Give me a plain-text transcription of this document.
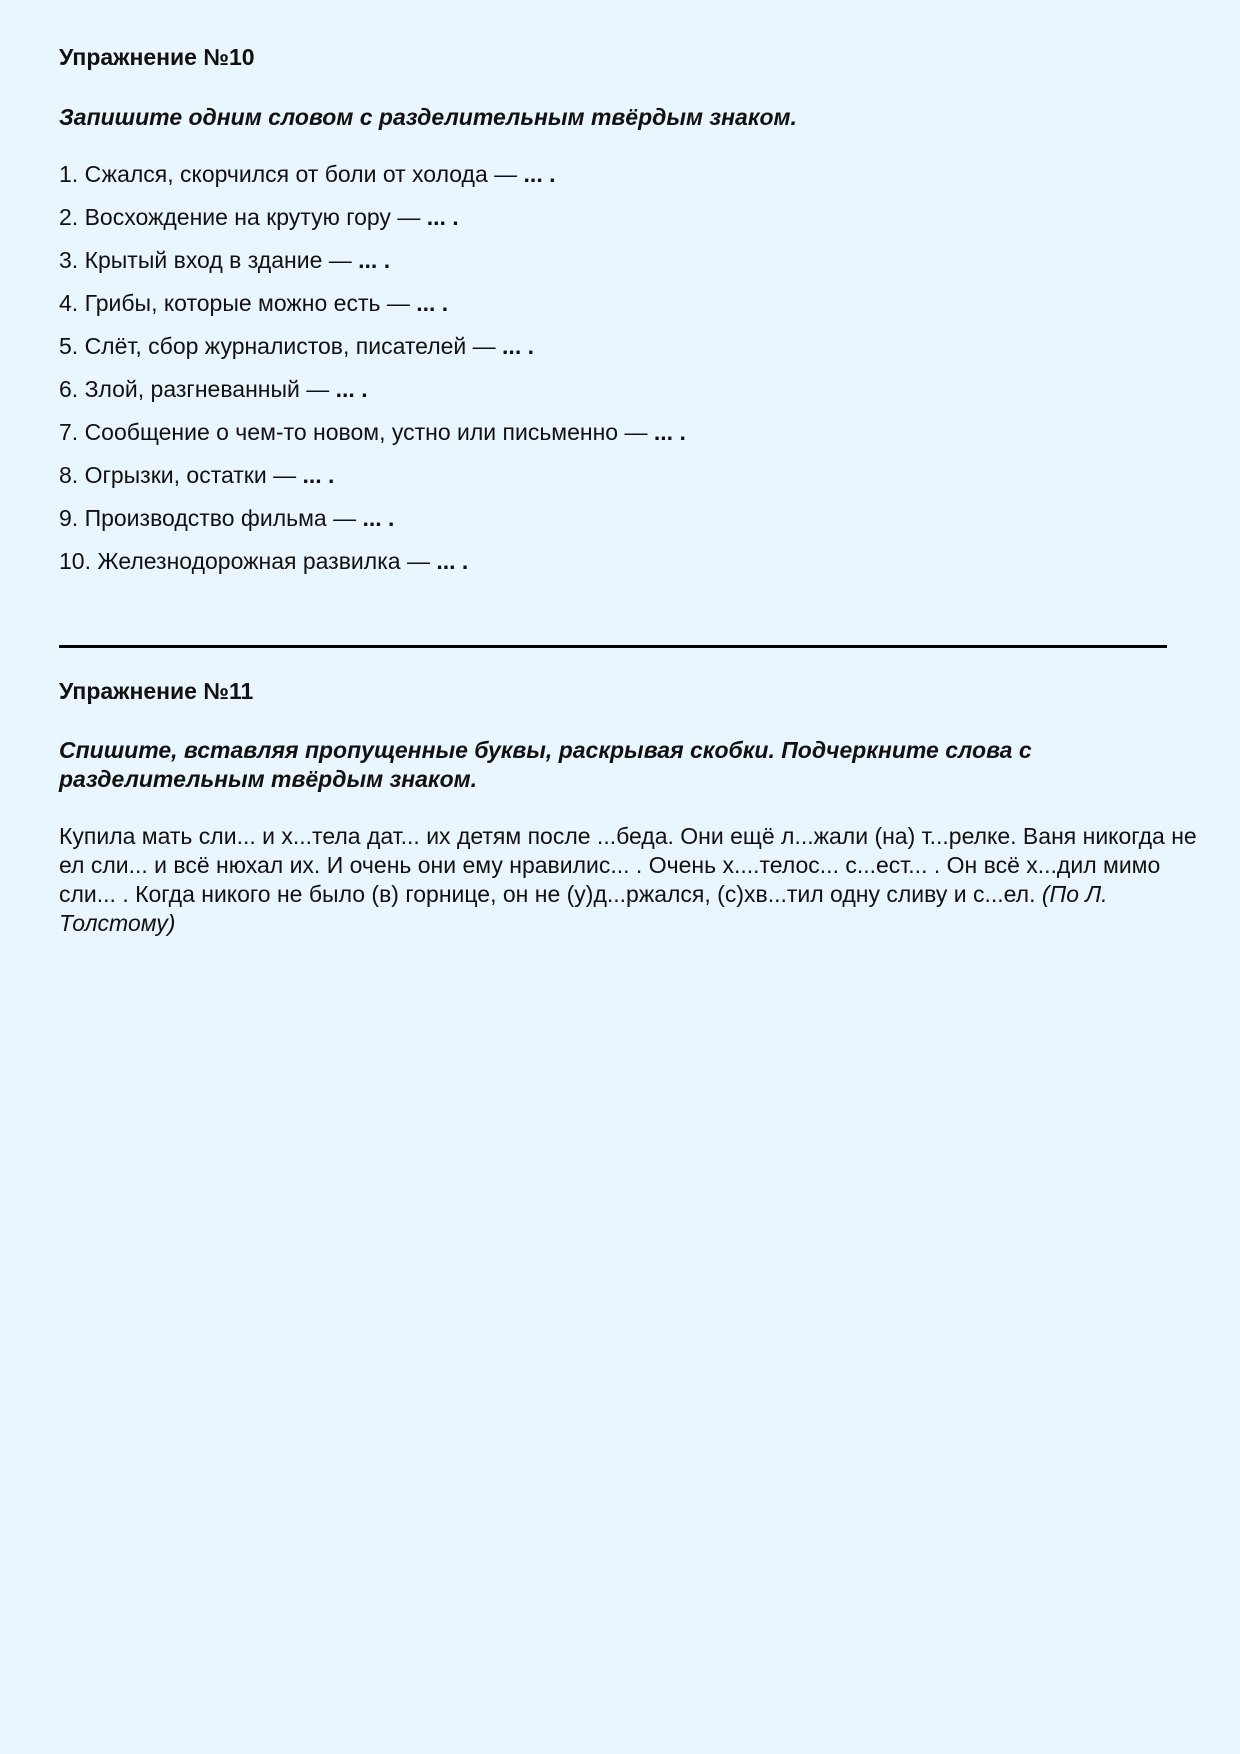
Упражнение №10

Запишите одним словом с разделительным твёрдым знаком.

1. Сжался, скорчился от боли от холода — ... .
2. Восхождение на крутую гору — ... .
3. Крытый вход в здание — ... .
4. Грибы, которые можно есть — ... .
5. Слёт, сбор журналистов, писателей — ... .
6. Злой, разгневанный — ... .
7. Сообщение о чем-то новом, устно или письменно — ... .
8. Огрызки, остатки — ... .
9. Производство фильма — ... .
10. Железнодорожная развилка — ... .
Упражнение №11

Спишите, вставляя пропущенные буквы, раскрывая скобки. Подчеркните слова с разделительным твёрдым знаком.

Купила мать сли... и х...тела дат... их детям после ...беда. Они ещё л...жали (на) т...релке. Ваня никогда не ел сли... и всё нюхал их. И очень они ему нравилис... . Очень х....телос... с...ест... . Он всё х...дил мимо сли... . Когда никого не было (в) горнице, он не (у)д...ржался, (с)хв...тил одну сливу и с...ел. (По Л. Толстому)
